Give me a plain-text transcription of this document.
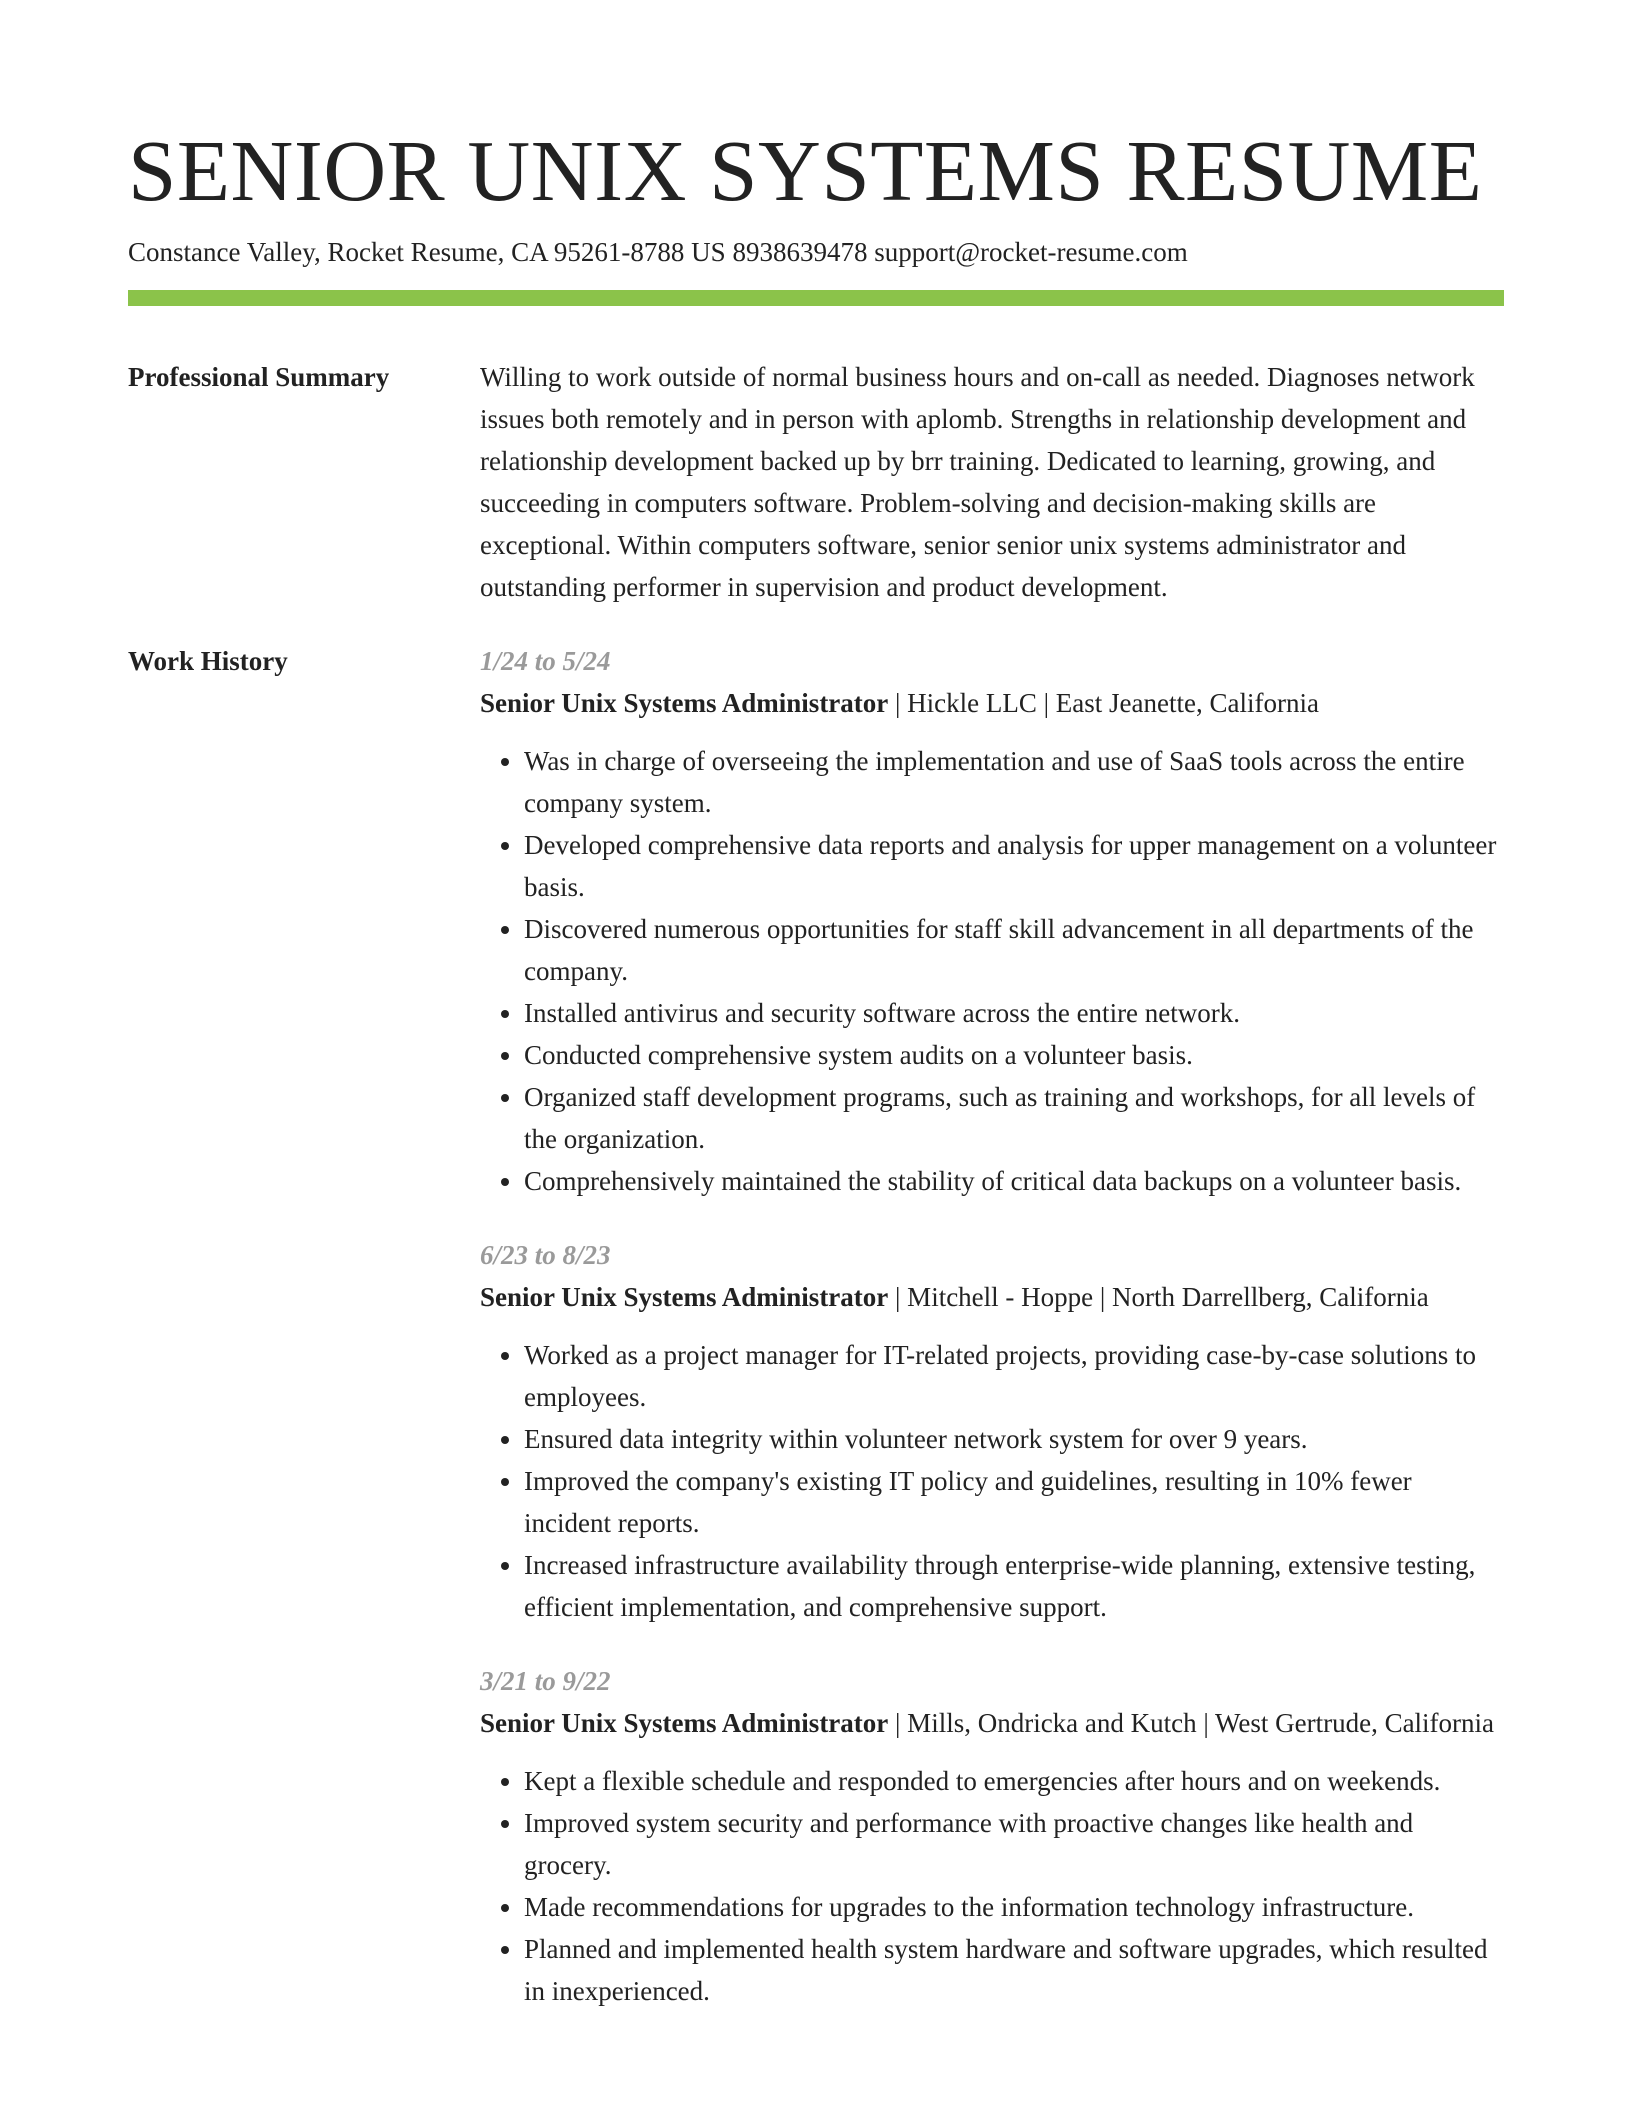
SENIOR UNIX SYSTEMS RESUME
Constance Valley, Rocket Resume, CA 95261-8788 US 8938639478 support@rocket-resume.com
Professional Summary	Willing to work outside of normal business hours and on-call as needed. Diagnoses network issues both remotely and in person with aplomb. Strengths in relationship development and relationship development backed up by brr training. Dedicated to learning, growing, and succeeding in computers software. Problem-solving and decision-making skills are exceptional. Within computers software, senior senior unix systems administrator and outstanding performer in supervision and product development.
Work History	1/24 to 5/24
Senior Unix Systems Administrator | Hickle LLC | East Jeanette, California
• Was in charge of overseeing the implementation and use of SaaS tools across the entire company system.
• Developed comprehensive data reports and analysis for upper management on a volunteer basis.
• Discovered numerous opportunities for staff skill advancement in all departments of the company.
• Installed antivirus and security software across the entire network.
• Conducted comprehensive system audits on a volunteer basis.
• Organized staff development programs, such as training and workshops, for all levels of the organization.
• Comprehensively maintained the stability of critical data backups on a volunteer basis.
6/23 to 8/23
Senior Unix Systems Administrator | Mitchell - Hoppe | North Darrellberg, California
• Worked as a project manager for IT-related projects, providing case-by-case solutions to employees.
• Ensured data integrity within volunteer network system for over 9 years.
• Improved the company's existing IT policy and guidelines, resulting in 10% fewer incident reports.
• Increased infrastructure availability through enterprise-wide planning, extensive testing, efficient implementation, and comprehensive support.
3/21 to 9/22
Senior Unix Systems Administrator | Mills, Ondricka and Kutch | West Gertrude, California
• Kept a flexible schedule and responded to emergencies after hours and on weekends.
• Improved system security and performance with proactive changes like health and grocery.
• Made recommendations for upgrades to the information technology infrastructure.
• Planned and implemented health system hardware and software upgrades, which resulted in inexperienced.
